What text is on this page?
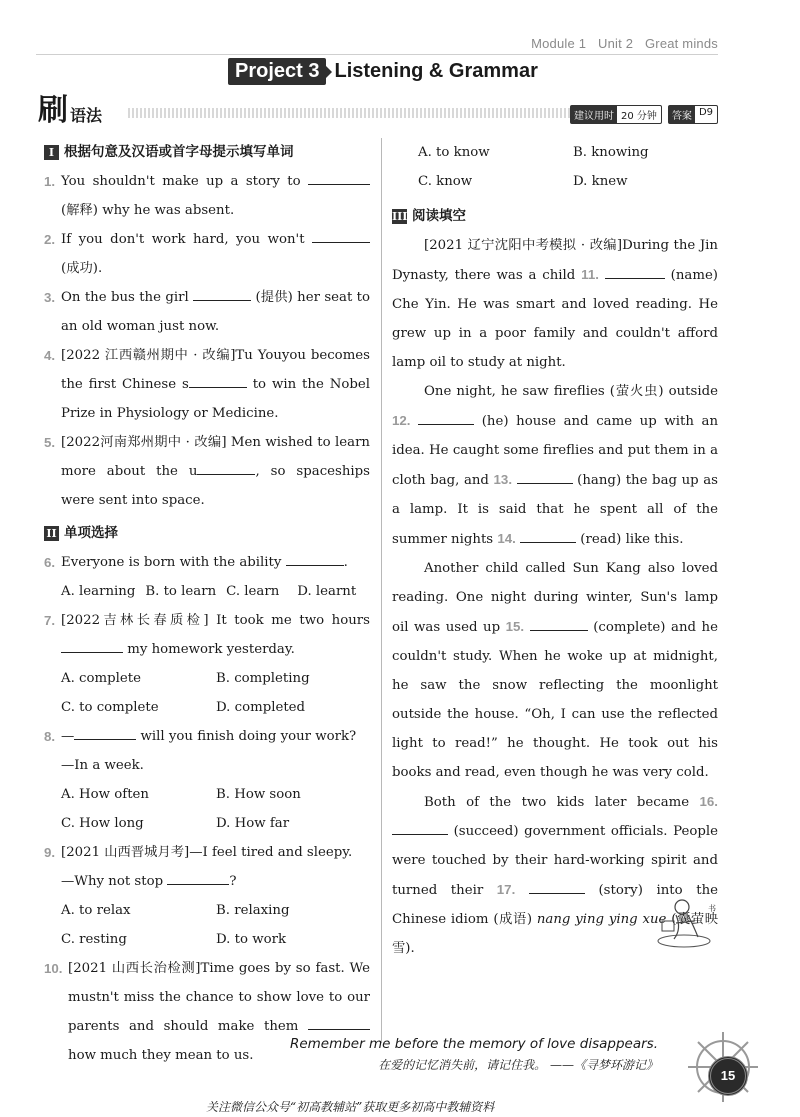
Module 1 Unit 2 Great minds
Project 3 Listening & Grammar
刷 语法	建议用时 20 分钟	答案 D9
I 根据句意及汉语或首字母提示填写单词
1. You shouldn't make up a story to  (解释) why he was absent.
2. If you don't work hard, you won't  (成功).
3. On the bus the girl	(提供) her seat to an old woman just now.
4. [2022 江西赣州期中 · 改编]Tu Youyou becomes the first Chinese s	to win the Nobel Prize in Physiology or Medicine.
5. [2022河南郑州期中 · 改编] Men wished to learn more about the u	, so spaceships were sent into space.
II 单项选择
6. Everyone is born with the ability	.
A. learning B. to learn C. learn D. learnt
7. [2022吉林长春质检] It took me two hours  my homework yesterday.
A. complete	B. completing
C. to complete	D. completed
8. —	will you finish doing your work?
—In a week.
A. How often	B. How soon
C. How long	D. How far
9. [2021 山西晋城月考]—I feel tired and sleepy.
—Why not stop	?
A. to relax	B. relaxing
C. resting	D. to work
10. [2021 山西长治检测]Time goes by so fast. We mustn't miss the chance to show love to our parents and should make them  how much they mean to us.
A. to know	B. knowing
C. know	D. knew
III 阅读填空
[2021 辽宁沈阳中考模拟 · 改编]During the Jin Dynasty, there was a child 11.	(name) Che Yin. He was smart and loved reading. He grew up in a poor family and couldn't afford lamp oil to study at night.
One night, he saw fireflies (萤火虫) outside 12.	(he) house and came up with an idea. He caught some fireflies and put them in a cloth bag, and 13.	(hang) the bag up as a lamp. It is said that he spent all of the summer nights 14.	(read) like this.
Another child called Sun Kang also loved reading. One night during winter, Sun's lamp oil was used up 15.	(complete) and he couldn't study. When he woke up at midnight, he saw the snow reflecting the moonlight outside the house. “Oh, I can use the reflected light to read!” he thought. He took out his books and read, even though he was very cold.
Both of the two kids later became 16.  (succeed) government officials. People were touched by their hard-working spirit and turned their 17.	(story) into the Chinese idiom (成语) nang ying ying xue (囊萤映雪).
书
Remember me before the memory of love disappears.
在爱的记忆消失前，请记住我。 ——《寻梦环游记》
关注微信公众号“初高教辅站”获取更多初高中教辅资料
15
